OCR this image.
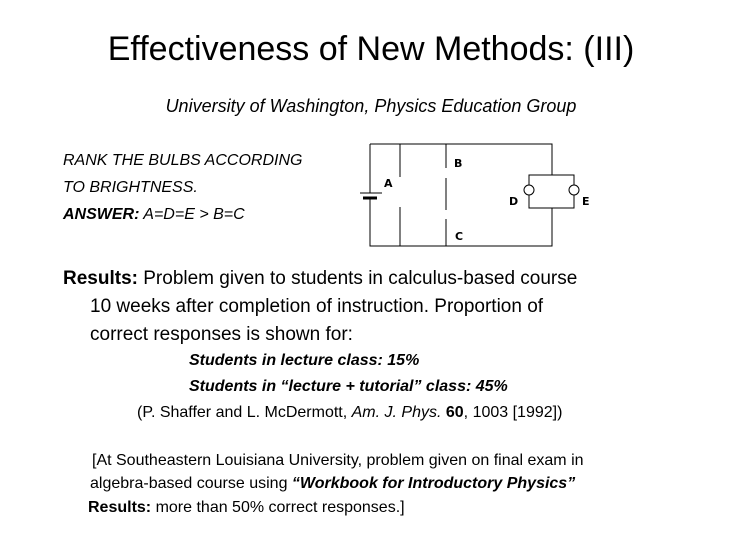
Effectiveness of New Methods: (III)
University of Washington, Physics Education Group
RANK THE BULBS ACCORDING
TO BRIGHTNESS.
ANSWER: A=D=E > B=C
A
B
C
D	E
Results: Problem given to students in calculus-based course
10 weeks after completion of instruction. Proportion of
correct responses is shown for:
Students in lecture class: 15%
Students in “lecture + tutorial” class: 45%
(P. Shaffer and L. McDermott, Am. J. Phys. 60, 1003 [1992])
[At Southeastern Louisiana University, problem given on final exam in
algebra-based course using “Workbook for Introductory Physics”
Results: more than 50% correct responses.]
